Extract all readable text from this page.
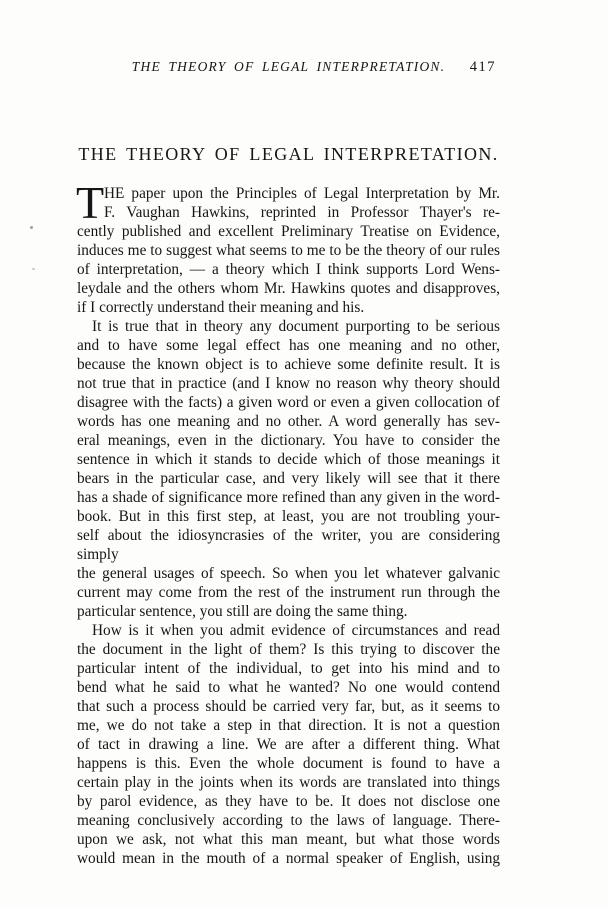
THE THEORY OF LEGAL INTERPRETATION. 417
THE THEORY OF LEGAL INTERPRETATION.
T HE paper upon the Principles of Legal Interpretation by Mr.
F. Vaughan Hawkins, reprinted in Professor Thayer's re-
cently published and excellent Preliminary Treatise on Evidence,
induces me to suggest what seems to me to be the theory of our rules
of interpretation, — a theory which I think supports Lord Wens-
leydale and the others whom Mr. Hawkins quotes and disapproves,
if I correctly understand their meaning and his.
It is true that in theory any document purporting to be serious
and to have some legal effect has one meaning and no other,
because the known object is to achieve some definite result. It is
not true that in practice (and I know no reason why theory should
disagree with the facts) a given word or even a given collocation of
words has one meaning and no other. A word generally has sev-
eral meanings, even in the dictionary. You have to consider the
sentence in which it stands to decide which of those meanings it
bears in the particular case, and very likely will see that it there
has a shade of significance more refined than any given in the word-
book. But in this first step, at least, you are not troubling your-
self about the idiosyncrasies of the writer, you are considering simply
the general usages of speech. So when you let whatever galvanic
current may come from the rest of the instrument run through the
particular sentence, you still are doing the same thing.
How is it when you admit evidence of circumstances and read
the document in the light of them? Is this trying to discover the
particular intent of the individual, to get into his mind and to
bend what he said to what he wanted? No one would contend
that such a process should be carried very far, but, as it seems to
me, we do not take a step in that direction. It is not a question
of tact in drawing a line. We are after a different thing. What
happens is this. Even the whole document is found to have a
certain play in the joints when its words are translated into things
by parol evidence, as they have to be. It does not disclose one
meaning conclusively according to the laws of language. There-
upon we ask, not what this man meant, but what those words
would mean in the mouth of a normal speaker of English, using
